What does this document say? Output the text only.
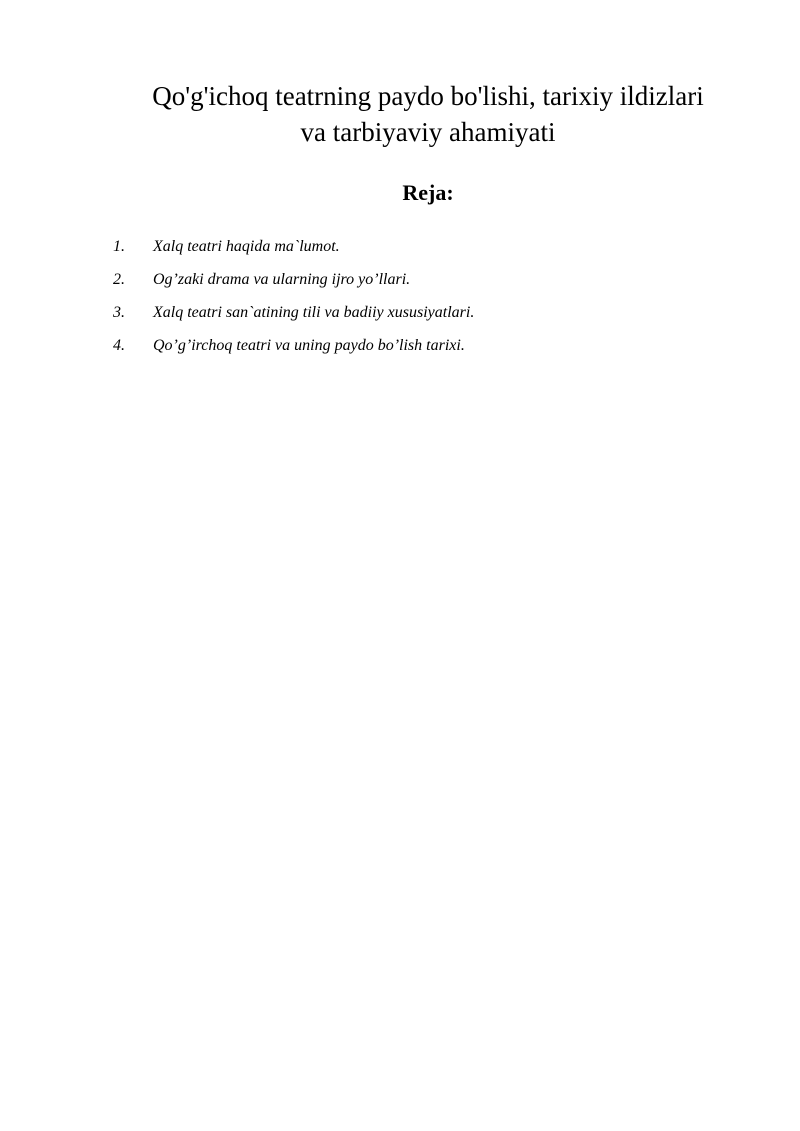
Qo'g'ichoq teatrning paydo bo'lishi, tarixiy ildizlari
va tarbiyaviy ahamiyati
Reja:
1. Xalq teatri haqida ma`lumot.
2. Og’zaki drama va ularning ijro yo’llari.
3. Xalq teatri san`atining tili va badiiy xususiyatlari.
4. Qo’g’irchoq teatri va uning paydo bo’lish tarixi.
